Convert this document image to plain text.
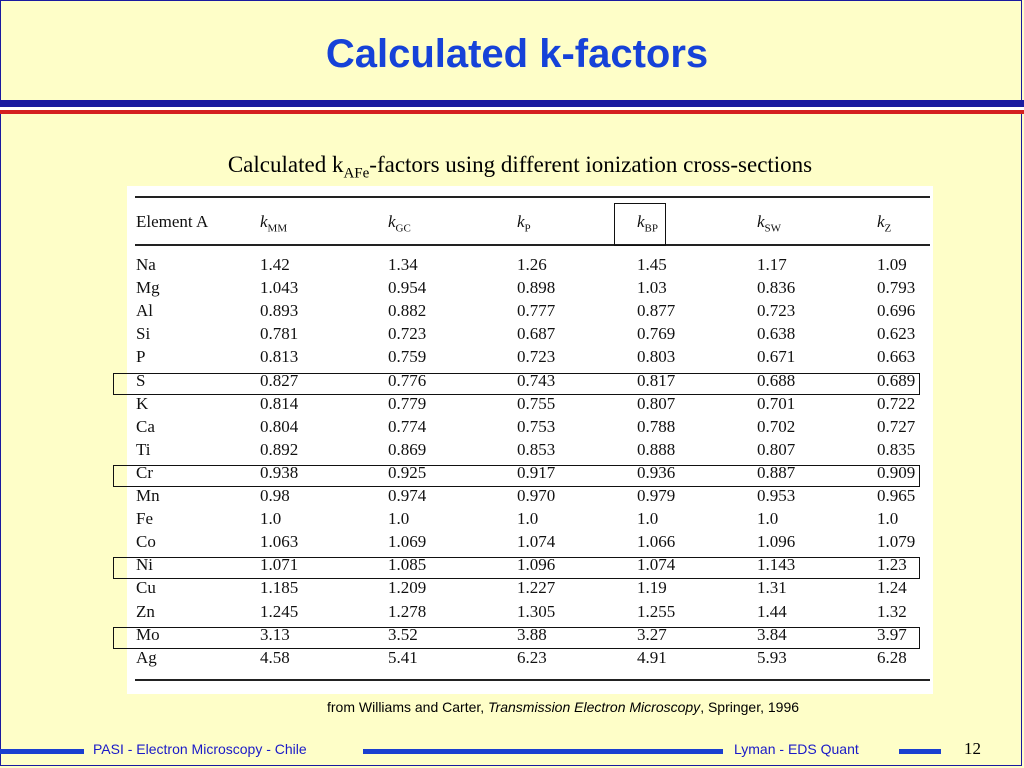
Calculated k-factors
Calculated $k_{AFe}$-factors using different ionization cross-sections
Element A	$k_{MM}$	$k_{GC}$	$k_P$	$k_{BP}$	$k_{SW}$	$k_Z$
Na	1.42	1.34	1.26	1.45	1.17	1.09
Mg	1.043	0.954	0.898	1.03	0.836	0.793
Al	0.893	0.882	0.777	0.877	0.723	0.696
Si	0.781	0.723	0.687	0.769	0.638	0.623
P	0.813	0.759	0.723	0.803	0.671	0.663
S	0.827	0.776	0.743	0.817	0.688	0.689
K	0.814	0.779	0.755	0.807	0.701	0.722
Ca	0.804	0.774	0.753	0.788	0.702	0.727
Ti	0.892	0.869	0.853	0.888	0.807	0.835
Cr	0.938	0.925	0.917	0.936	0.887	0.909
Mn	0.98	0.974	0.970	0.979	0.953	0.965
Fe	1.0	1.0	1.0	1.0	1.0	1.0
Co	1.063	1.069	1.074	1.066	1.096	1.079
Ni	1.071	1.085	1.096	1.074	1.143	1.23
Cu	1.185	1.209	1.227	1.19	1.31	1.24
Zn	1.245	1.278	1.305	1.255	1.44	1.32
Mo	3.13	3.52	3.88	3.27	3.84	3.97
Ag	4.58	5.41	6.23	4.91	5.93	6.28
from Williams and Carter, Transmission Electron Microscopy, Springer, 1996
PASI - Electron Microscopy - Chile	Lyman - EDS Quant	12
